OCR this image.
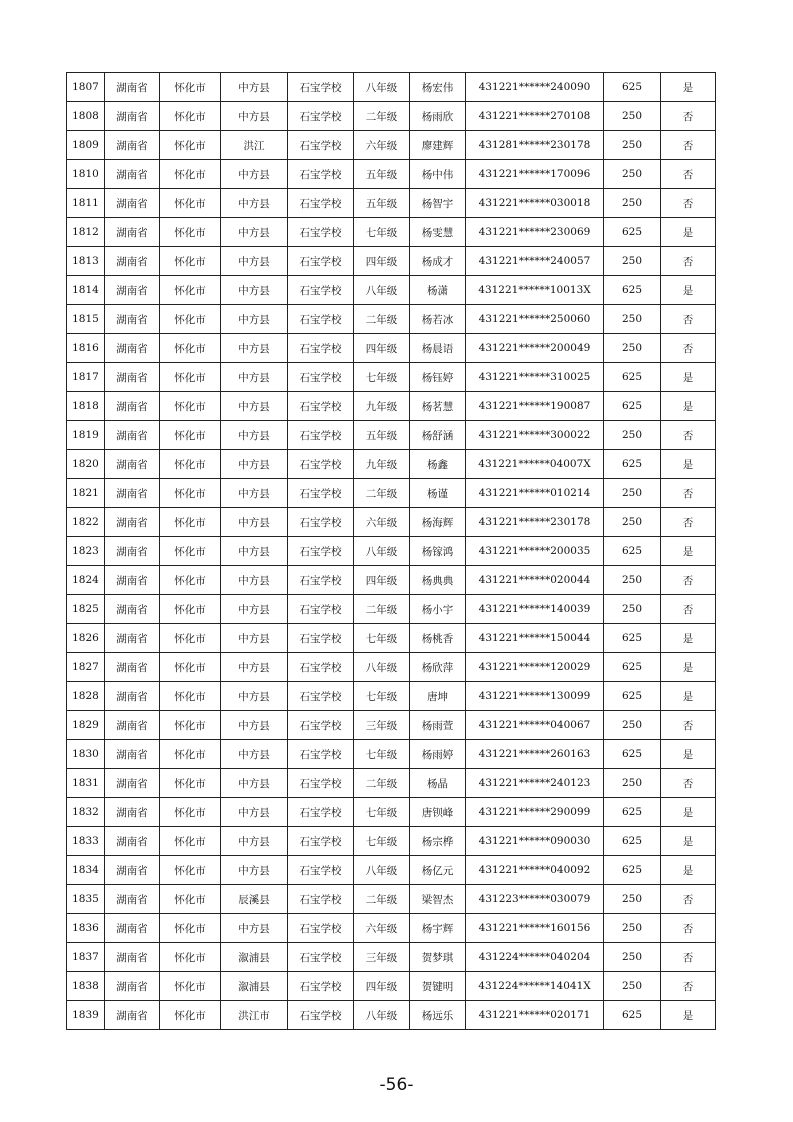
1807	湖南省	怀化市	中方县	石宝学校	八年级	杨宏伟	431221******240090	625	是
1808	湖南省	怀化市	中方县	石宝学校	二年级	杨雨欣	431221******270108	250	否
1809	湖南省	怀化市	洪江	石宝学校	六年级	廖建辉	431281******230178	250	否
1810	湖南省	怀化市	中方县	石宝学校	五年级	杨中伟	431221******170096	250	否
1811	湖南省	怀化市	中方县	石宝学校	五年级	杨智宇	431221******030018	250	否
1812	湖南省	怀化市	中方县	石宝学校	七年级	杨雯慧	431221******230069	625	是
1813	湖南省	怀化市	中方县	石宝学校	四年级	杨成才	431221******240057	250	否
1814	湖南省	怀化市	中方县	石宝学校	八年级	杨潇	431221******10013X	625	是
1815	湖南省	怀化市	中方县	石宝学校	二年级	杨若冰	431221******250060	250	否
1816	湖南省	怀化市	中方县	石宝学校	四年级	杨晨语	431221******200049	250	否
1817	湖南省	怀化市	中方县	石宝学校	七年级	杨钰婷	431221******310025	625	是
1818	湖南省	怀化市	中方县	石宝学校	九年级	杨茗慧	431221******190087	625	是
1819	湖南省	怀化市	中方县	石宝学校	五年级	杨舒涵	431221******300022	250	否
1820	湖南省	怀化市	中方县	石宝学校	九年级	杨鑫	431221******04007X	625	是
1821	湖南省	怀化市	中方县	石宝学校	二年级	杨谨	431221******010214	250	否
1822	湖南省	怀化市	中方县	石宝学校	六年级	杨海辉	431221******230178	250	否
1823	湖南省	怀化市	中方县	石宝学校	八年级	杨镓鸿	431221******200035	625	是
1824	湖南省	怀化市	中方县	石宝学校	四年级	杨典典	431221******020044	250	否
1825	湖南省	怀化市	中方县	石宝学校	二年级	杨小宇	431221******140039	250	否
1826	湖南省	怀化市	中方县	石宝学校	七年级	杨桃香	431221******150044	625	是
1827	湖南省	怀化市	中方县	石宝学校	八年级	杨欣萍	431221******120029	625	是
1828	湖南省	怀化市	中方县	石宝学校	七年级	唐坤	431221******130099	625	是
1829	湖南省	怀化市	中方县	石宝学校	三年级	杨雨萱	431221******040067	250	否
1830	湖南省	怀化市	中方县	石宝学校	七年级	杨雨婷	431221******260163	625	是
1831	湖南省	怀化市	中方县	石宝学校	二年级	杨晶	431221******240123	250	否
1832	湖南省	怀化市	中方县	石宝学校	七年级	唐钡峰	431221******290099	625	是
1833	湖南省	怀化市	中方县	石宝学校	七年级	杨宗桦	431221******090030	625	是
1834	湖南省	怀化市	中方县	石宝学校	八年级	杨亿元	431221******040092	625	是
1835	湖南省	怀化市	辰溪县	石宝学校	二年级	梁智杰	431223******030079	250	否
1836	湖南省	怀化市	中方县	石宝学校	六年级	杨宇辉	431221******160156	250	否
1837	湖南省	怀化市	溆浦县	石宝学校	三年级	贺梦琪	431224******040204	250	否
1838	湖南省	怀化市	溆浦县	石宝学校	四年级	贺键明	431224******14041X	250	否
1839	湖南省	怀化市	洪江市	石宝学校	八年级	杨远乐	431221******020171	625	是
-56-
